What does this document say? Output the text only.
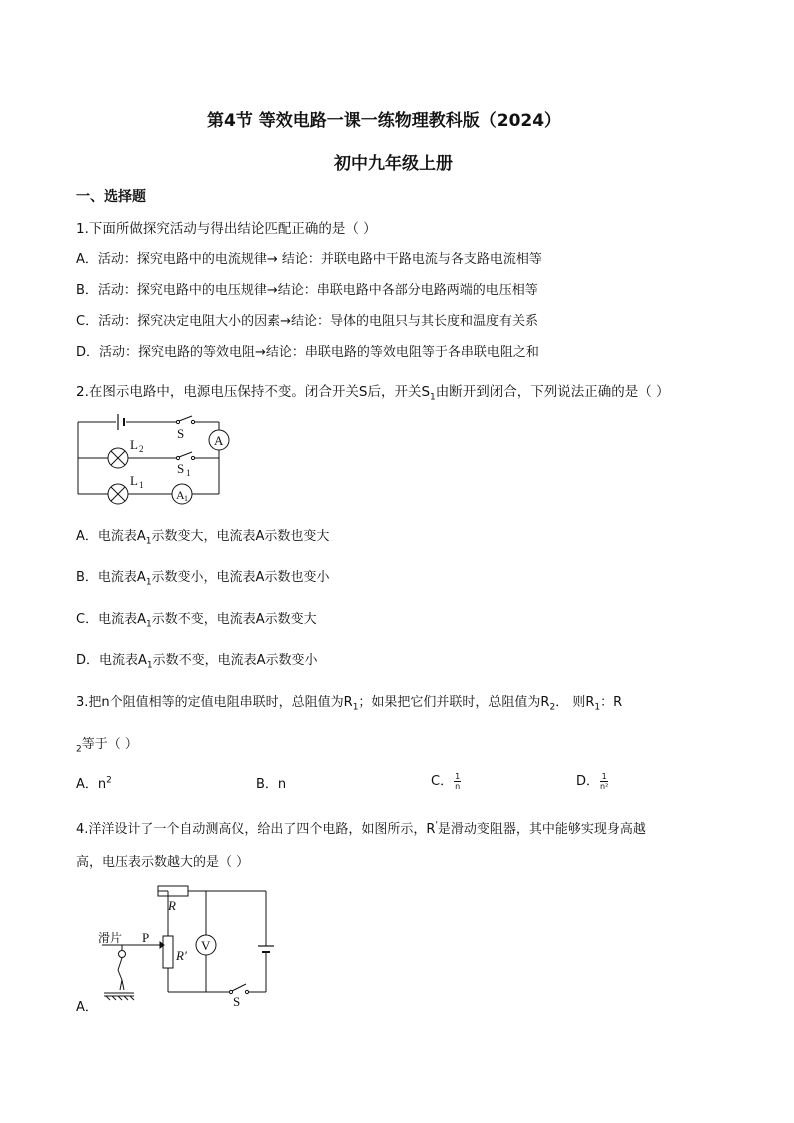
第4节 等效电路一课一练物理教科版（2024）
初中九年级上册
一、选择题
1.下面所做探究活动与得出结论匹配正确的是（ ）
A．活动：探究电路中的电流规律→ 结论：并联电路中干路电流与各支路电流相等
B．活动：探究电路中的电压规律→结论：串联电路中各部分电路两端的电压相等
C．活动：探究决定电阻大小的因素→结论：导体的电阻只与其长度和温度有关系
D．活动：探究电路的等效电阻→结论：串联电路的等效电阻等于各串联电阻之和
2.在图示电路中，电源电压保持不变。闭合开关S后，开关$S_1$由断开到闭合，下列说法正确的是（ ）
S A
L 2
S 1
L 1
A 1
A．电流表$A_1$示数变大，电流表A示数也变大
B．电流表$A_1$示数变小，电流表A示数也变小
C．电流表$A_1$示数不变，电流表A示数变大
D．电流表$A_1$示数不变，电流表A示数变小
3.把n个阻值相等的定值电阻串联时，总阻值为$R_1$；如果把它们并联时，总阻值为$R_2$． 则$R_1$：R
$_2$等于（ ）
A．$n^2$	B．n	C． $\frac{1}{n}$	D． $\frac{1}{\text{n²}}$
4.洋洋设计了一个自动测高仪，给出了四个电路，如图所示，R'是滑动变阻器，其中能够实现身高越
高，电压表示数越大的是（ ）
滑片 P
R
R′
V
S
A．
